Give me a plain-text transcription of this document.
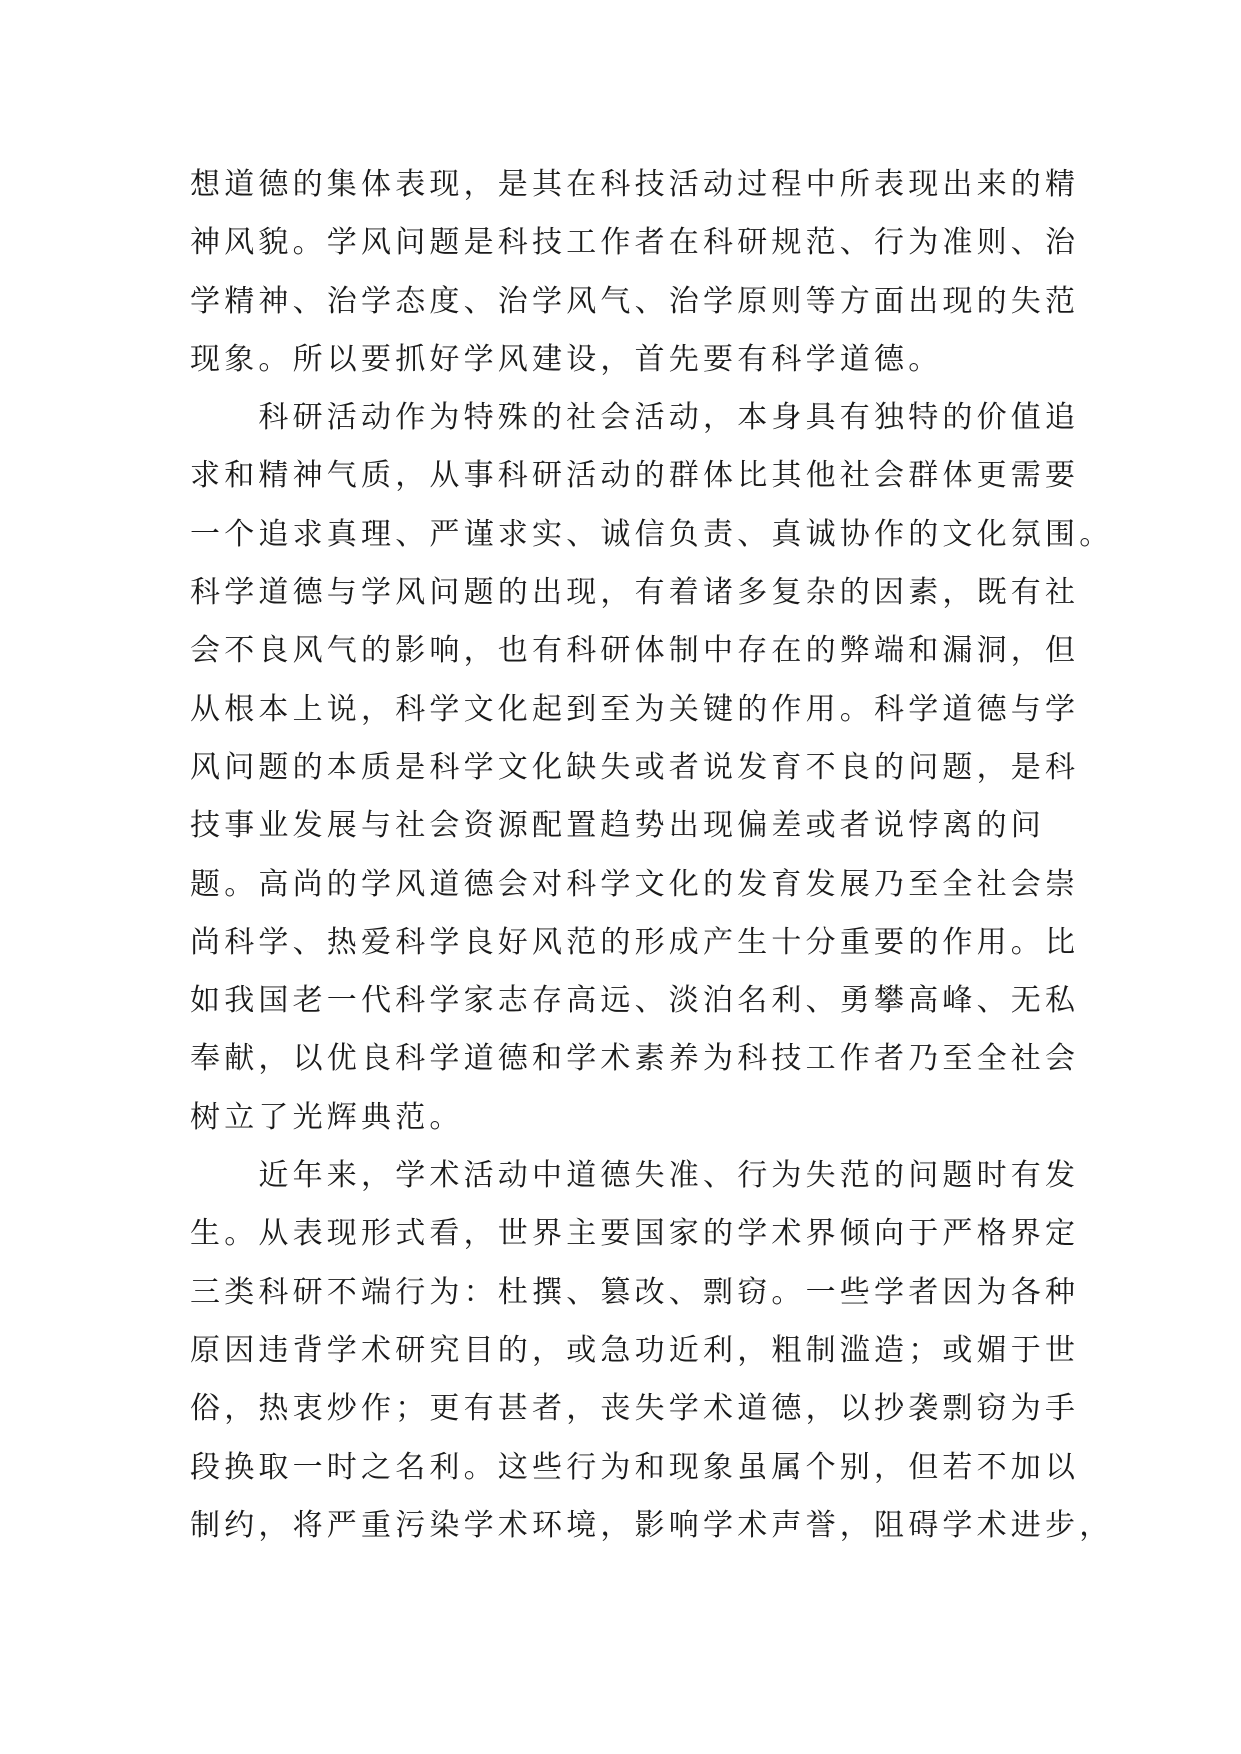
想道德的集体表现，是其在科技活动过程中所表现出来的精
神风貌。学风问题是科技工作者在科研规范、行为准则、治
学精神、治学态度、治学风气、治学原则等方面出现的失范
现象。所以要抓好学风建设，首先要有科学道德。
　　科研活动作为特殊的社会活动，本身具有独特的价值追
求和精神气质，从事科研活动的群体比其他社会群体更需要
一个追求真理、严谨求实、诚信负责、真诚协作的文化氛围。
科学道德与学风问题的出现，有着诸多复杂的因素，既有社
会不良风气的影响，也有科研体制中存在的弊端和漏洞，但
从根本上说，科学文化起到至为关键的作用。科学道德与学
风问题的本质是科学文化缺失或者说发育不良的问题，是科
技事业发展与社会资源配置趋势出现偏差或者说悖离的问
题。高尚的学风道德会对科学文化的发育发展乃至全社会崇
尚科学、热爱科学良好风范的形成产生十分重要的作用。比
如我国老一代科学家志存高远、淡泊名利、勇攀高峰、无私
奉献，以优良科学道德和学术素养为科技工作者乃至全社会
树立了光辉典范。
　　近年来，学术活动中道德失准、行为失范的问题时有发
生。从表现形式看，世界主要国家的学术界倾向于严格界定
三类科研不端行为：杜撰、篡改、剽窃。一些学者因为各种
原因违背学术研究目的，或急功近利，粗制滥造；或媚于世
俗，热衷炒作；更有甚者，丧失学术道德，以抄袭剽窃为手
段换取一时之名利。这些行为和现象虽属个别，但若不加以
制约，将严重污染学术环境，影响学术声誉，阻碍学术进步，
